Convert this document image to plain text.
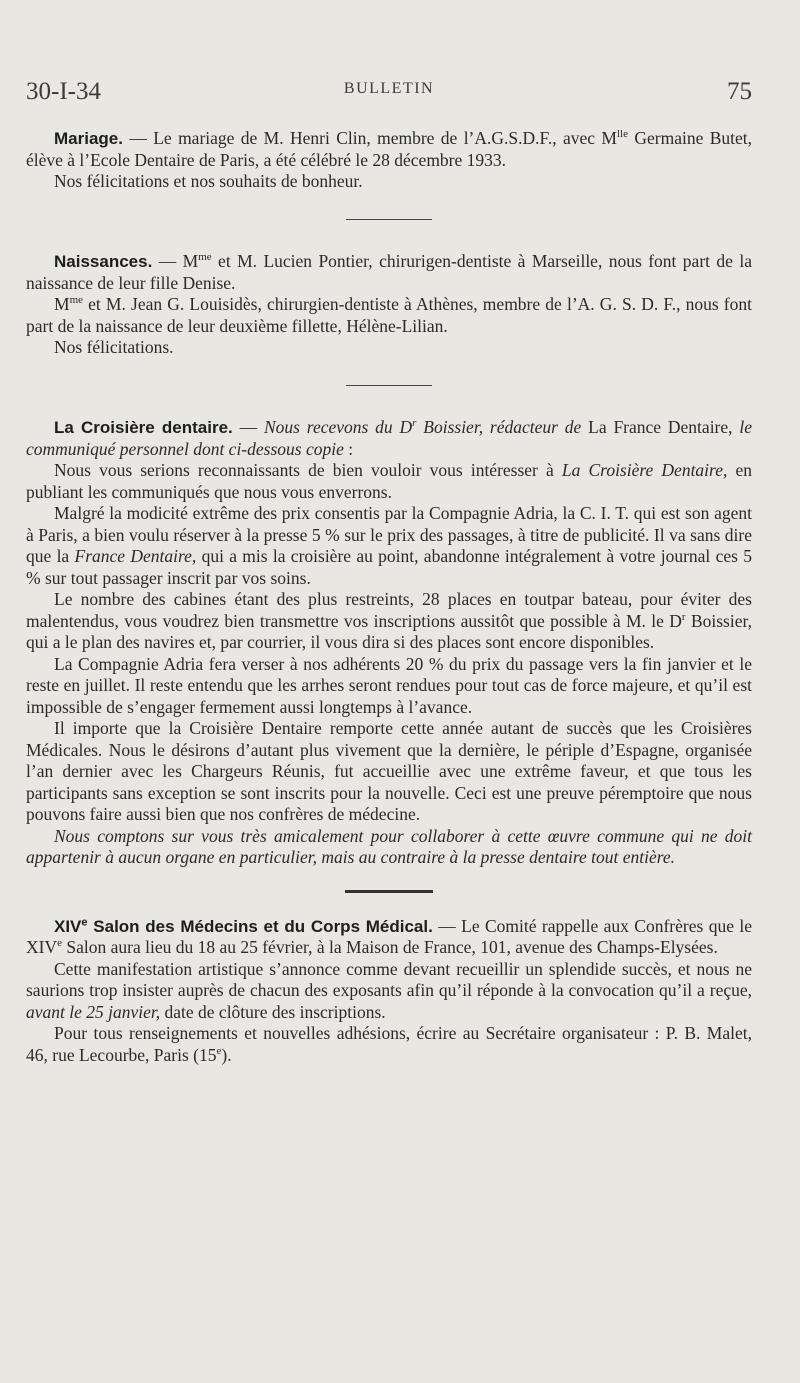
30-I-34	BULLETIN	75

Mariage. — Le mariage de M. Henri Clin, membre de l’A.G.S.D.F., avec $M^{lle}$ Germaine Butet, élève à l’Ecole Dentaire de Paris, a été célébré le 28 décembre 1933.

Nos félicitations et nos souhaits de bonheur.

Naissances. — $M^{me}$ et M. Lucien Pontier, chirurigen-dentiste à Marseille, nous font part de la naissance de leur fille Denise.

$M^{me}$ et M. Jean G. Louisidès, chirurgien-dentiste à Athènes, membre de l’A. G. S. D. F., nous font part de la naissance de leur deuxième fillette, Hélène-Lilian.

Nos félicitations.

La Croisière dentaire. — Nous recevons du $D^r$ Boissier, rédacteur de La France Dentaire, le communiqué personnel dont ci-dessous copie :

Nous vous serions reconnaissants de bien vouloir vous intéresser à La Croisière Dentaire, en publiant les communiqués que nous vous enverrons.

Malgré la modicité extrême des prix consentis par la Compagnie Adria, la C. I. T. qui est son agent à Paris, a bien voulu réserver à la presse 5 % sur le prix des passages, à titre de publicité. Il va sans dire que la France Dentaire, qui a mis la croisière au point, abandonne intégralement à votre journal ces 5 % sur tout passager inscrit par vos soins.

Le nombre des cabines étant des plus restreints, 28 places en toutpar bateau, pour éviter des malentendus, vous voudrez bien transmettre vos inscriptions aussitôt que possible à M. le $D^r$ Boissier, qui a le plan des navires et, par courrier, il vous dira si des places sont encore disponibles.

La Compagnie Adria fera verser à nos adhérents 20 % du prix du passage vers la fin janvier et le reste en juillet. Il reste entendu que les arrhes seront rendues pour tout cas de force majeure, et qu’il est impossible de s’engager fermement aussi longtemps à l’avance.

Il importe que la Croisière Dentaire remporte cette année autant de succès que les Croisières Médicales. Nous le désirons d’autant plus vivement que la dernière, le périple d’Espagne, organisée l’an dernier avec les Chargeurs Réunis, fut accueillie avec une extrême faveur, et que tous les participants sans exception se sont inscrits pour la nouvelle. Ceci est une preuve péremptoire que nous pouvons faire aussi bien que nos confrères de médecine.

Nous comptons sur vous très amicalement pour collaborer à cette œuvre commune qui ne doit appartenir à aucun organe en particulier, mais au contraire à la presse dentaire tout entière.

XIVe Salon des Médecins et du Corps Médical. — Le Comité rappelle aux Confrères que le XIVe Salon aura lieu du 18 au 25 février, à la Maison de France, 101, avenue des Champs-Elysées.

Cette manifestation artistique s’annonce comme devant recueillir un splendide succès, et nous ne saurions trop insister auprès de chacun des exposants afin qu’il réponde à la convocation qu’il a reçue, avant le 25 janvier, date de clôture des inscriptions.

Pour tous renseignements et nouvelles adhésions, écrire au Secrétaire organisateur : P. B. Malet, 46, rue Lecourbe, Paris (15e).
